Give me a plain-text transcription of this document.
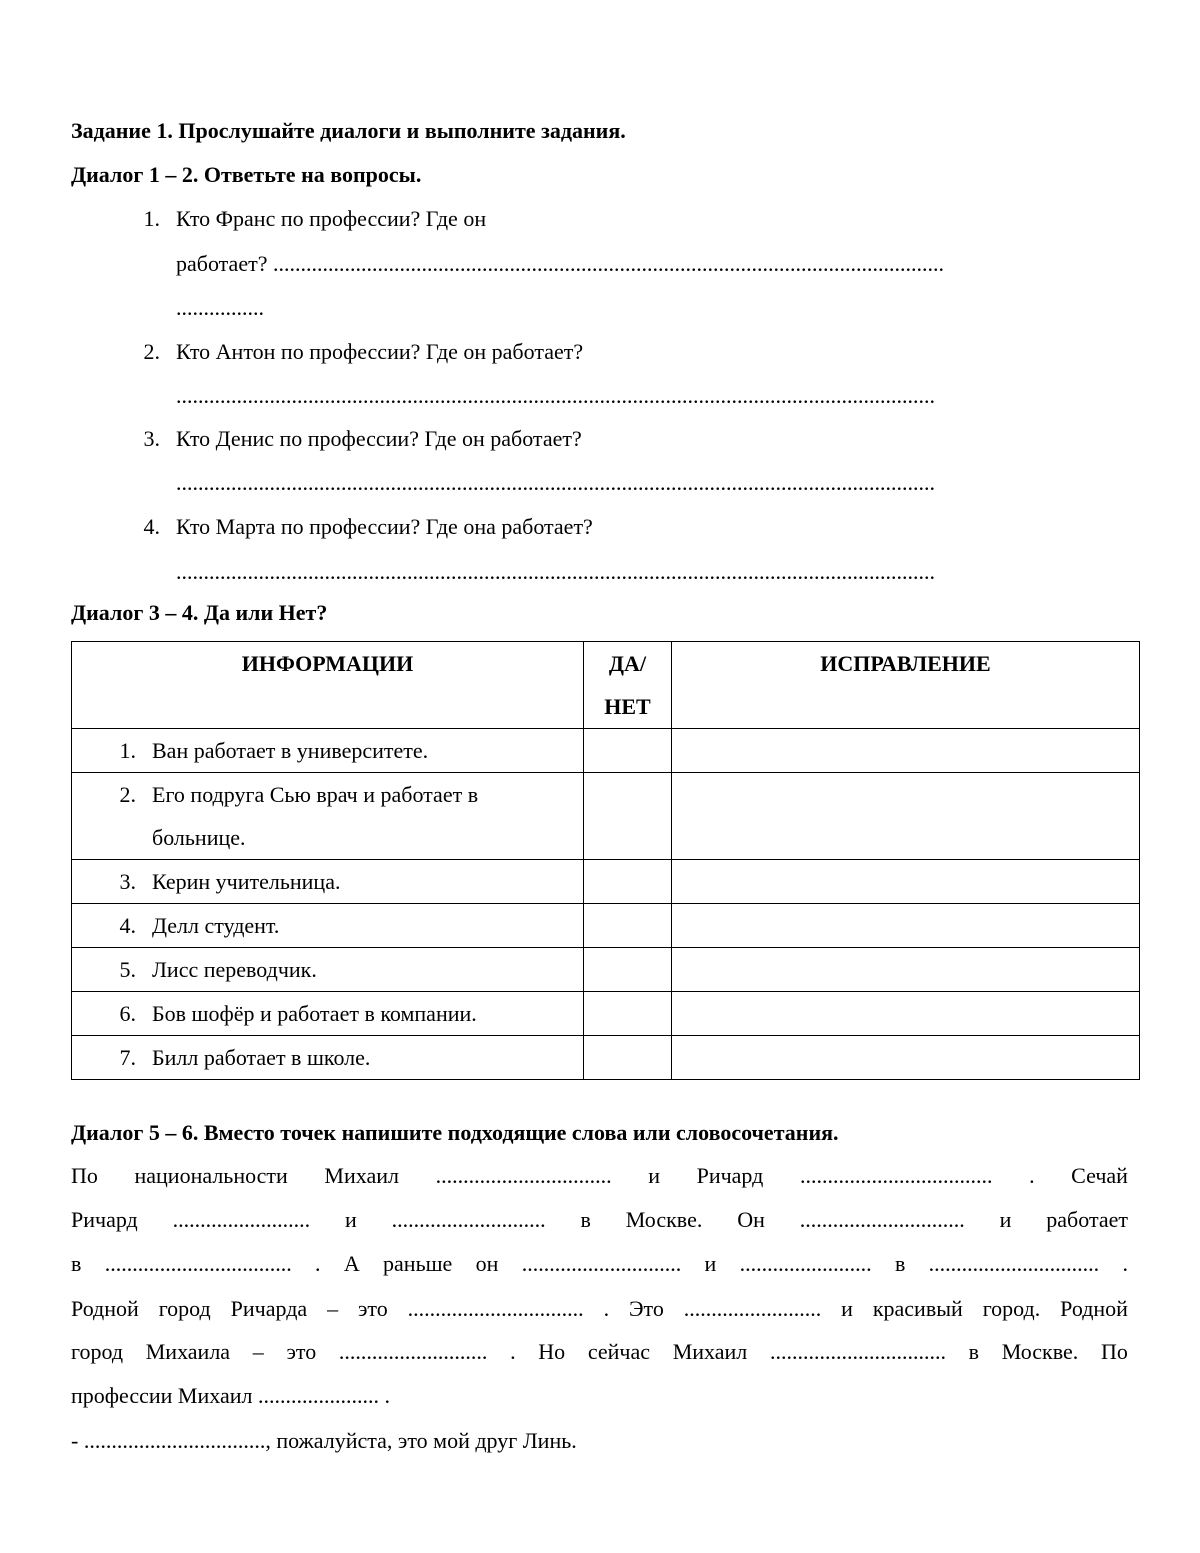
Задание 1. Прослушайте диалоги и выполните задания.
Диалог 1 – 2. Ответьте на вопросы.
1. Кто Франс по профессии? Где он
работает? ..........................................................................................................................
................
2. Кто Антон по профессии? Где он работает?
..........................................................................................................................................
3. Кто Денис по профессии? Где он работает?
..........................................................................................................................................
4. Кто Марта по профессии? Где она работает?
..........................................................................................................................................
Диалог 3 – 4. Да или Нет?
ИНФОРМАЦИИ	ДА/ НЕТ	ИСПРАВЛЕНИЕ
1. Ван работает в университете.		
2. Его подруга Сью врач и работает в больнице.		
3. Керин учительница.		
4. Делл студент.		
5. Лисс переводчик.		
6. Бов шофёр и работает в компании.		
7. Билл работает в школе.		
Диалог 5 – 6. Вместо точек напишите подходящие слова или словосочетания.
По национальности Михаил ................................ и Ричард ................................... . Сечай
Ричард ......................... и ............................ в Москве. Он .............................. и работает
в .................................. . А раньше он ............................. и ........................ в ............................... .
Родной город Ричарда – это ................................ . Это ......................... и красивый город. Родной
город Михаила – это ........................... . Но сейчас Михаил ................................ в Москве. По
профессии Михаил ...................... .
- ................................., пожалуйста, это мой друг Линь.
